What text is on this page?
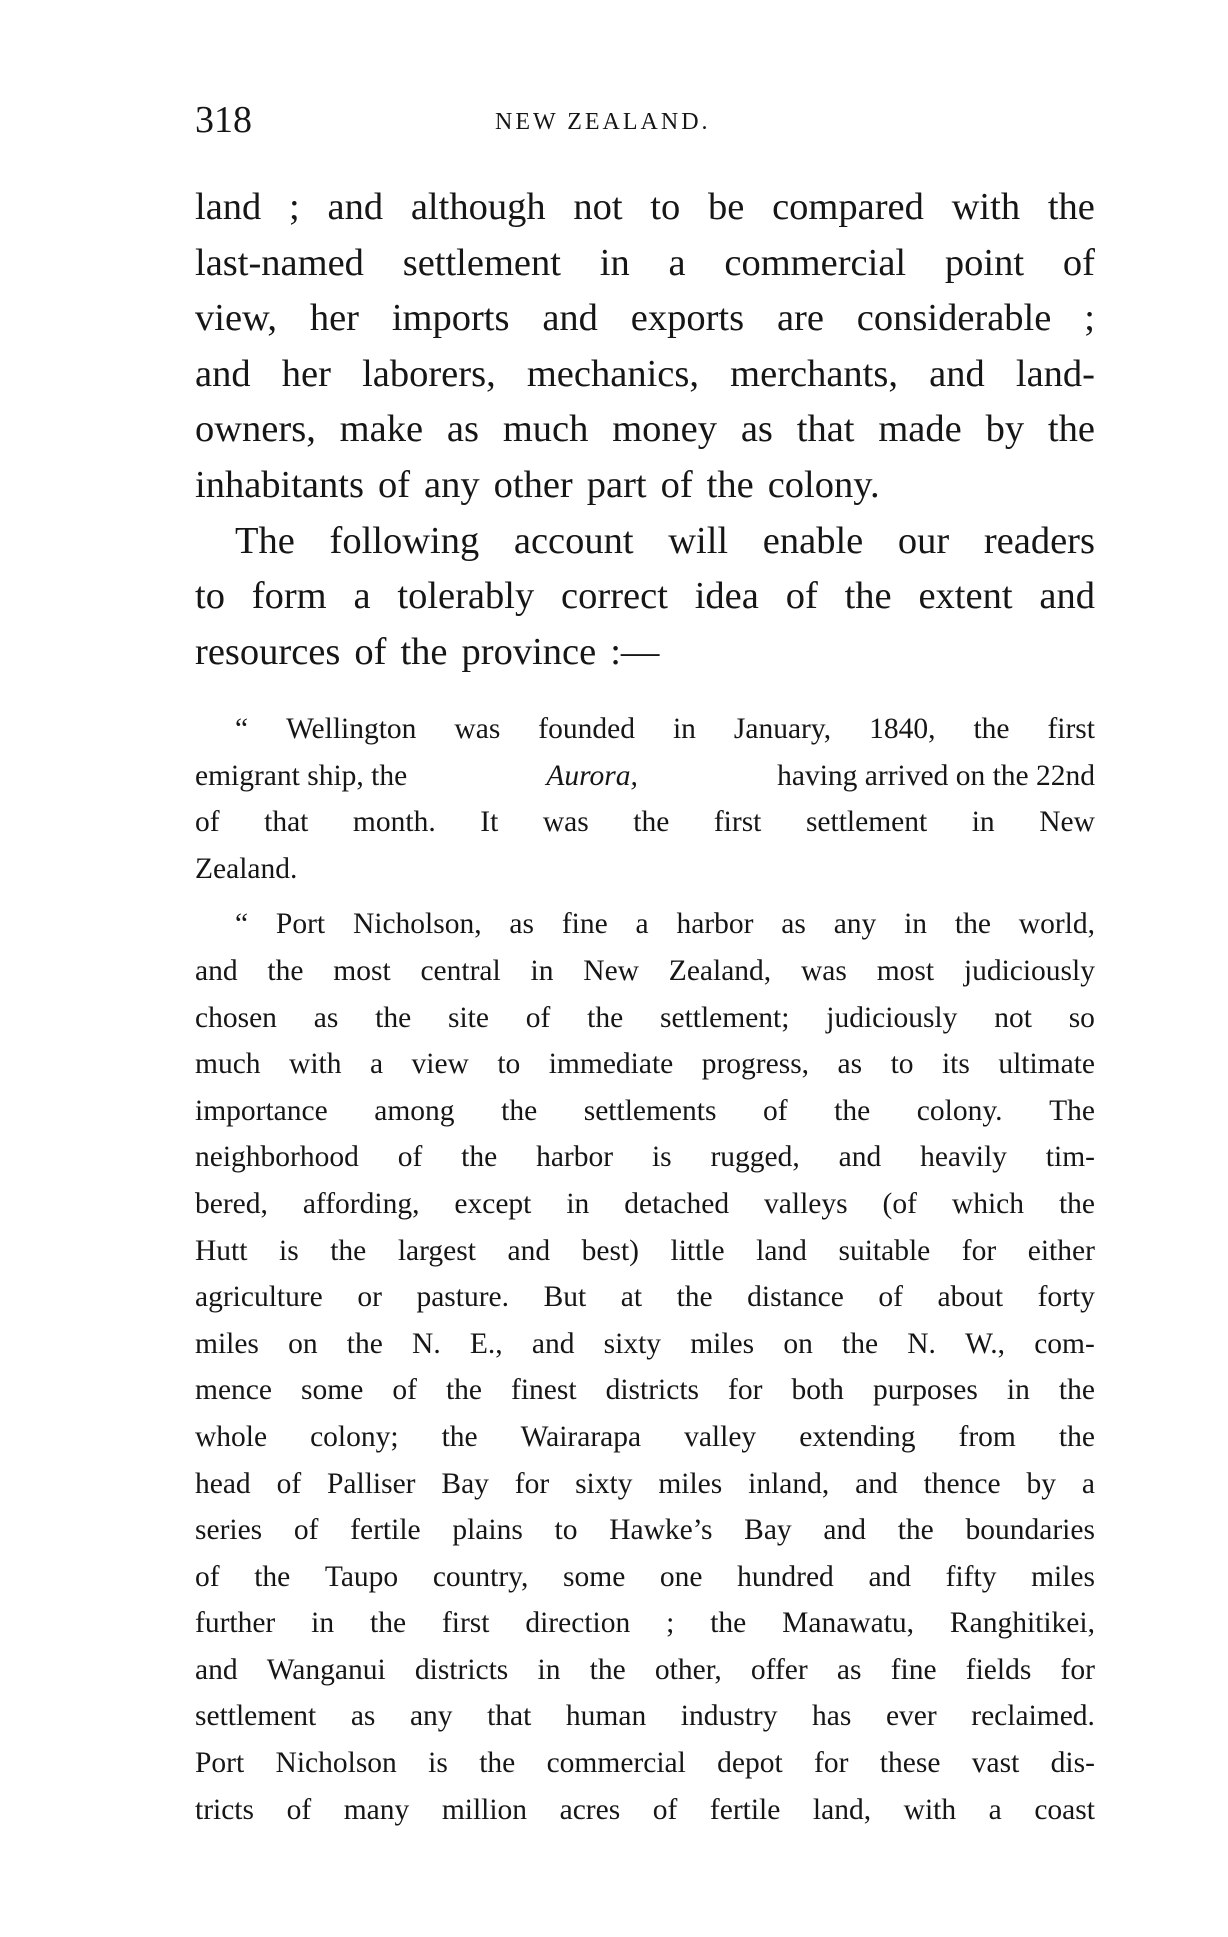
318	NEW ZEALAND.
land ; and although not to be compared with the
last-named settlement in a commercial point of
view, her imports and exports are considerable ;
and her laborers, mechanics, merchants, and land-
owners, make as much money as that made by the
inhabitants of any other part of the colony.
The following account will enable our readers
to form a tolerably correct idea of the extent and
resources of the province :—
“ Wellington was founded in January, 1840, the first
emigrant ship, the	Aurora,	having arrived on the 22nd
of that month. It was the first settlement in New
Zealand.
“ Port Nicholson, as fine a harbor as any in the world,
and the most central in New Zealand, was most judiciously
chosen as the site of the settlement; judiciously not so
much with a view to immediate progress, as to its ultimate
importance among the settlements of the colony. The
neighborhood of the harbor is rugged, and heavily tim-
bered, affording, except in detached valleys (of which the
Hutt is the largest and best) little land suitable for either
agriculture or pasture. But at the distance of about forty
miles on the N. E., and sixty miles on the N. W., com-
mence some of the finest districts for both purposes in the
whole colony; the Wairarapa valley extending from the
head of Palliser Bay for sixty miles inland, and thence by a
series of fertile plains to Hawke’s Bay and the boundaries
of the Taupo country, some one hundred and fifty miles
further in the first direction ; the Manawatu, Ranghitikei,
and Wanganui districts in the other, offer as fine fields for
settlement as any that human industry has ever reclaimed.
Port Nicholson is the commercial depot for these vast dis-
tricts of many million acres of fertile land, with a coast
